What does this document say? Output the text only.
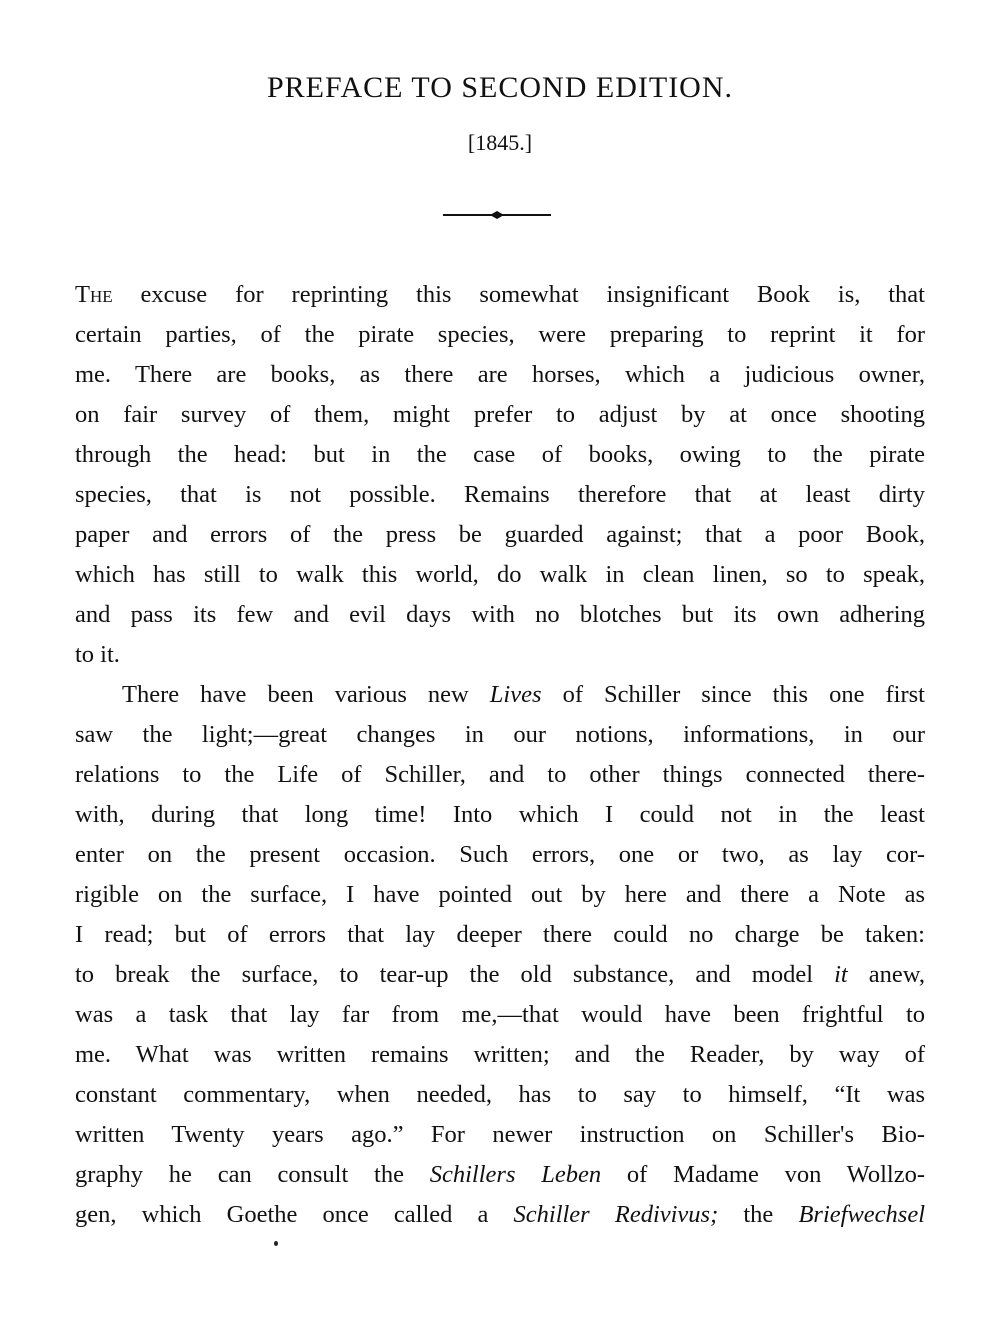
PREFACE TO SECOND EDITION.
[1845.]
The excuse for reprinting this somewhat insignificant Book is, that
certain parties, of the pirate species, were preparing to reprint it for
me. There are books, as there are horses, which a judicious owner,
on fair survey of them, might prefer to adjust by at once shooting
through the head: but in the case of books, owing to the pirate
species, that is not possible. Remains therefore that at least dirty
paper and errors of the press be guarded against; that a poor Book,
which has still to walk this world, do walk in clean linen, so to speak,
and pass its few and evil days with no blotches but its own adhering
to it.
There have been various new Lives of Schiller since this one first
saw the light;—great changes in our notions, informations, in our
relations to the Life of Schiller, and to other things connected there-
with, during that long time! Into which I could not in the least
enter on the present occasion. Such errors, one or two, as lay cor-
rigible on the surface, I have pointed out by here and there a Note as
I read; but of errors that lay deeper there could no charge be taken:
to break the surface, to tear-up the old substance, and model it anew,
was a task that lay far from me,—that would have been frightful to
me. What was written remains written; and the Reader, by way of
constant commentary, when needed, has to say to himself, “It was
written Twenty years ago.” For newer instruction on Schiller's Bio-
graphy he can consult the Schillers Leben of Madame von Wollzo-
gen, which Goethe once called a Schiller Redivivus; the Briefwechsel
